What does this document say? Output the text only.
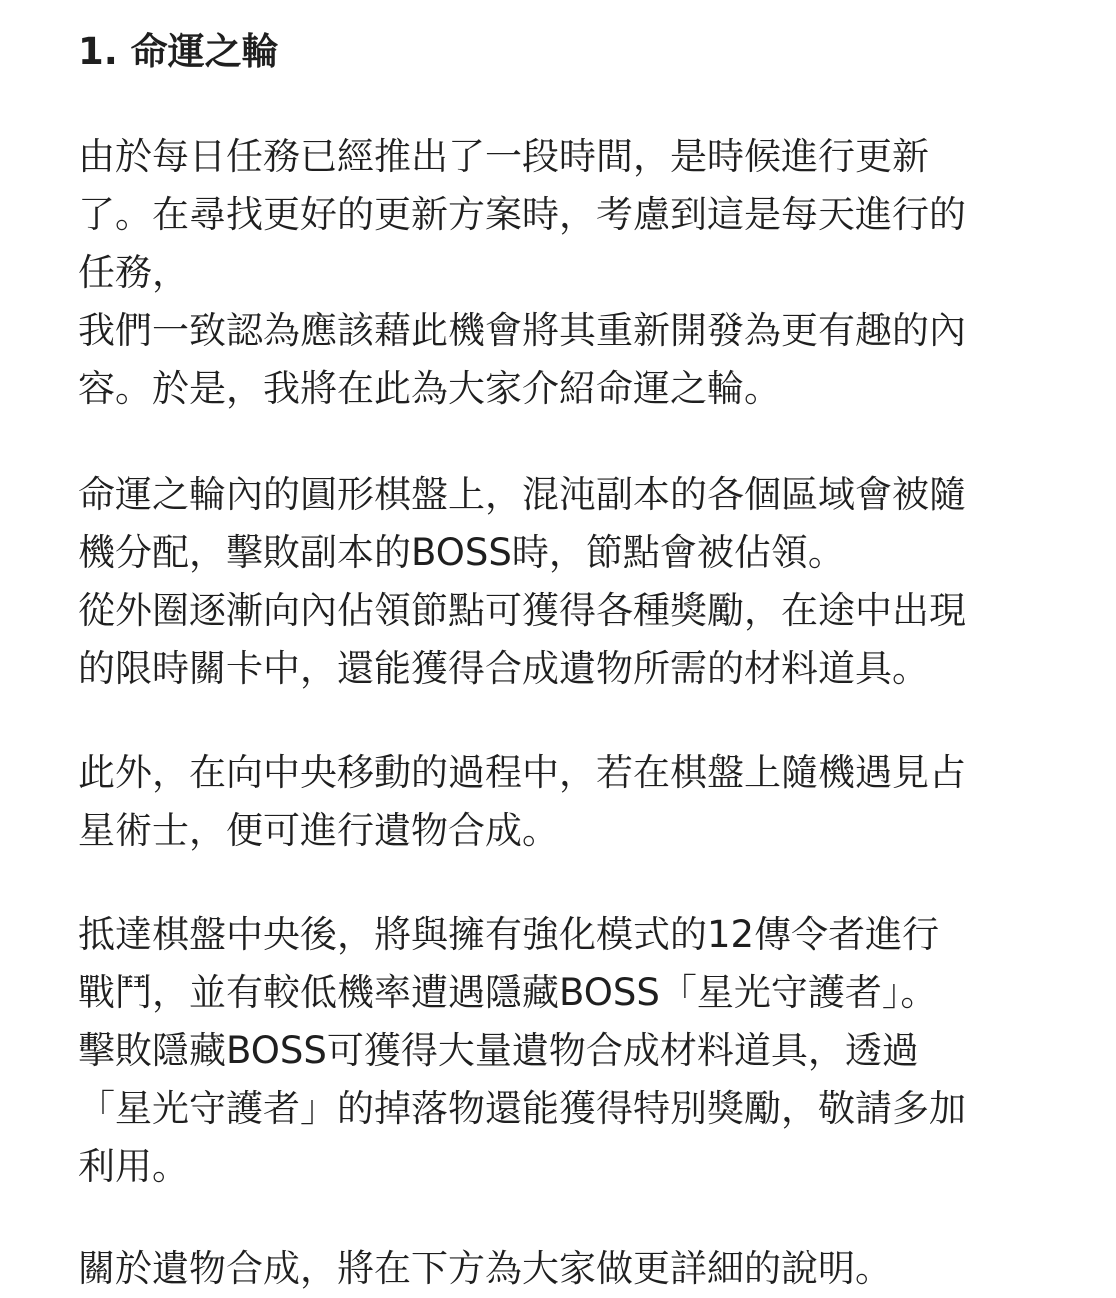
1. 命運之輪

由於每日任務已經推出了一段時間，是時候進行更新
了。在尋找更好的更新方案時，考慮到這是每天進行的
任務，
我們一致認為應該藉此機會將其重新開發為更有趣的內
容。於是，我將在此為大家介紹命運之輪。

命運之輪內的圓形棋盤上，混沌副本的各個區域會被隨
機分配，擊敗副本的BOSS時，節點會被佔領。
從外圈逐漸向內佔領節點可獲得各種獎勵，在途中出現
的限時關卡中，還能獲得合成遺物所需的材料道具。

此外，在向中央移動的過程中，若在棋盤上隨機遇見占
星術士，便可進行遺物合成。

抵達棋盤中央後，將與擁有強化模式的12傳令者進行
戰鬥，並有較低機率遭遇隱藏BOSS「星光守護者」。
擊敗隱藏BOSS可獲得大量遺物合成材料道具，透過
「星光守護者」的掉落物還能獲得特別獎勵，敬請多加
利用。

關於遺物合成，將在下方為大家做更詳細的說明。
